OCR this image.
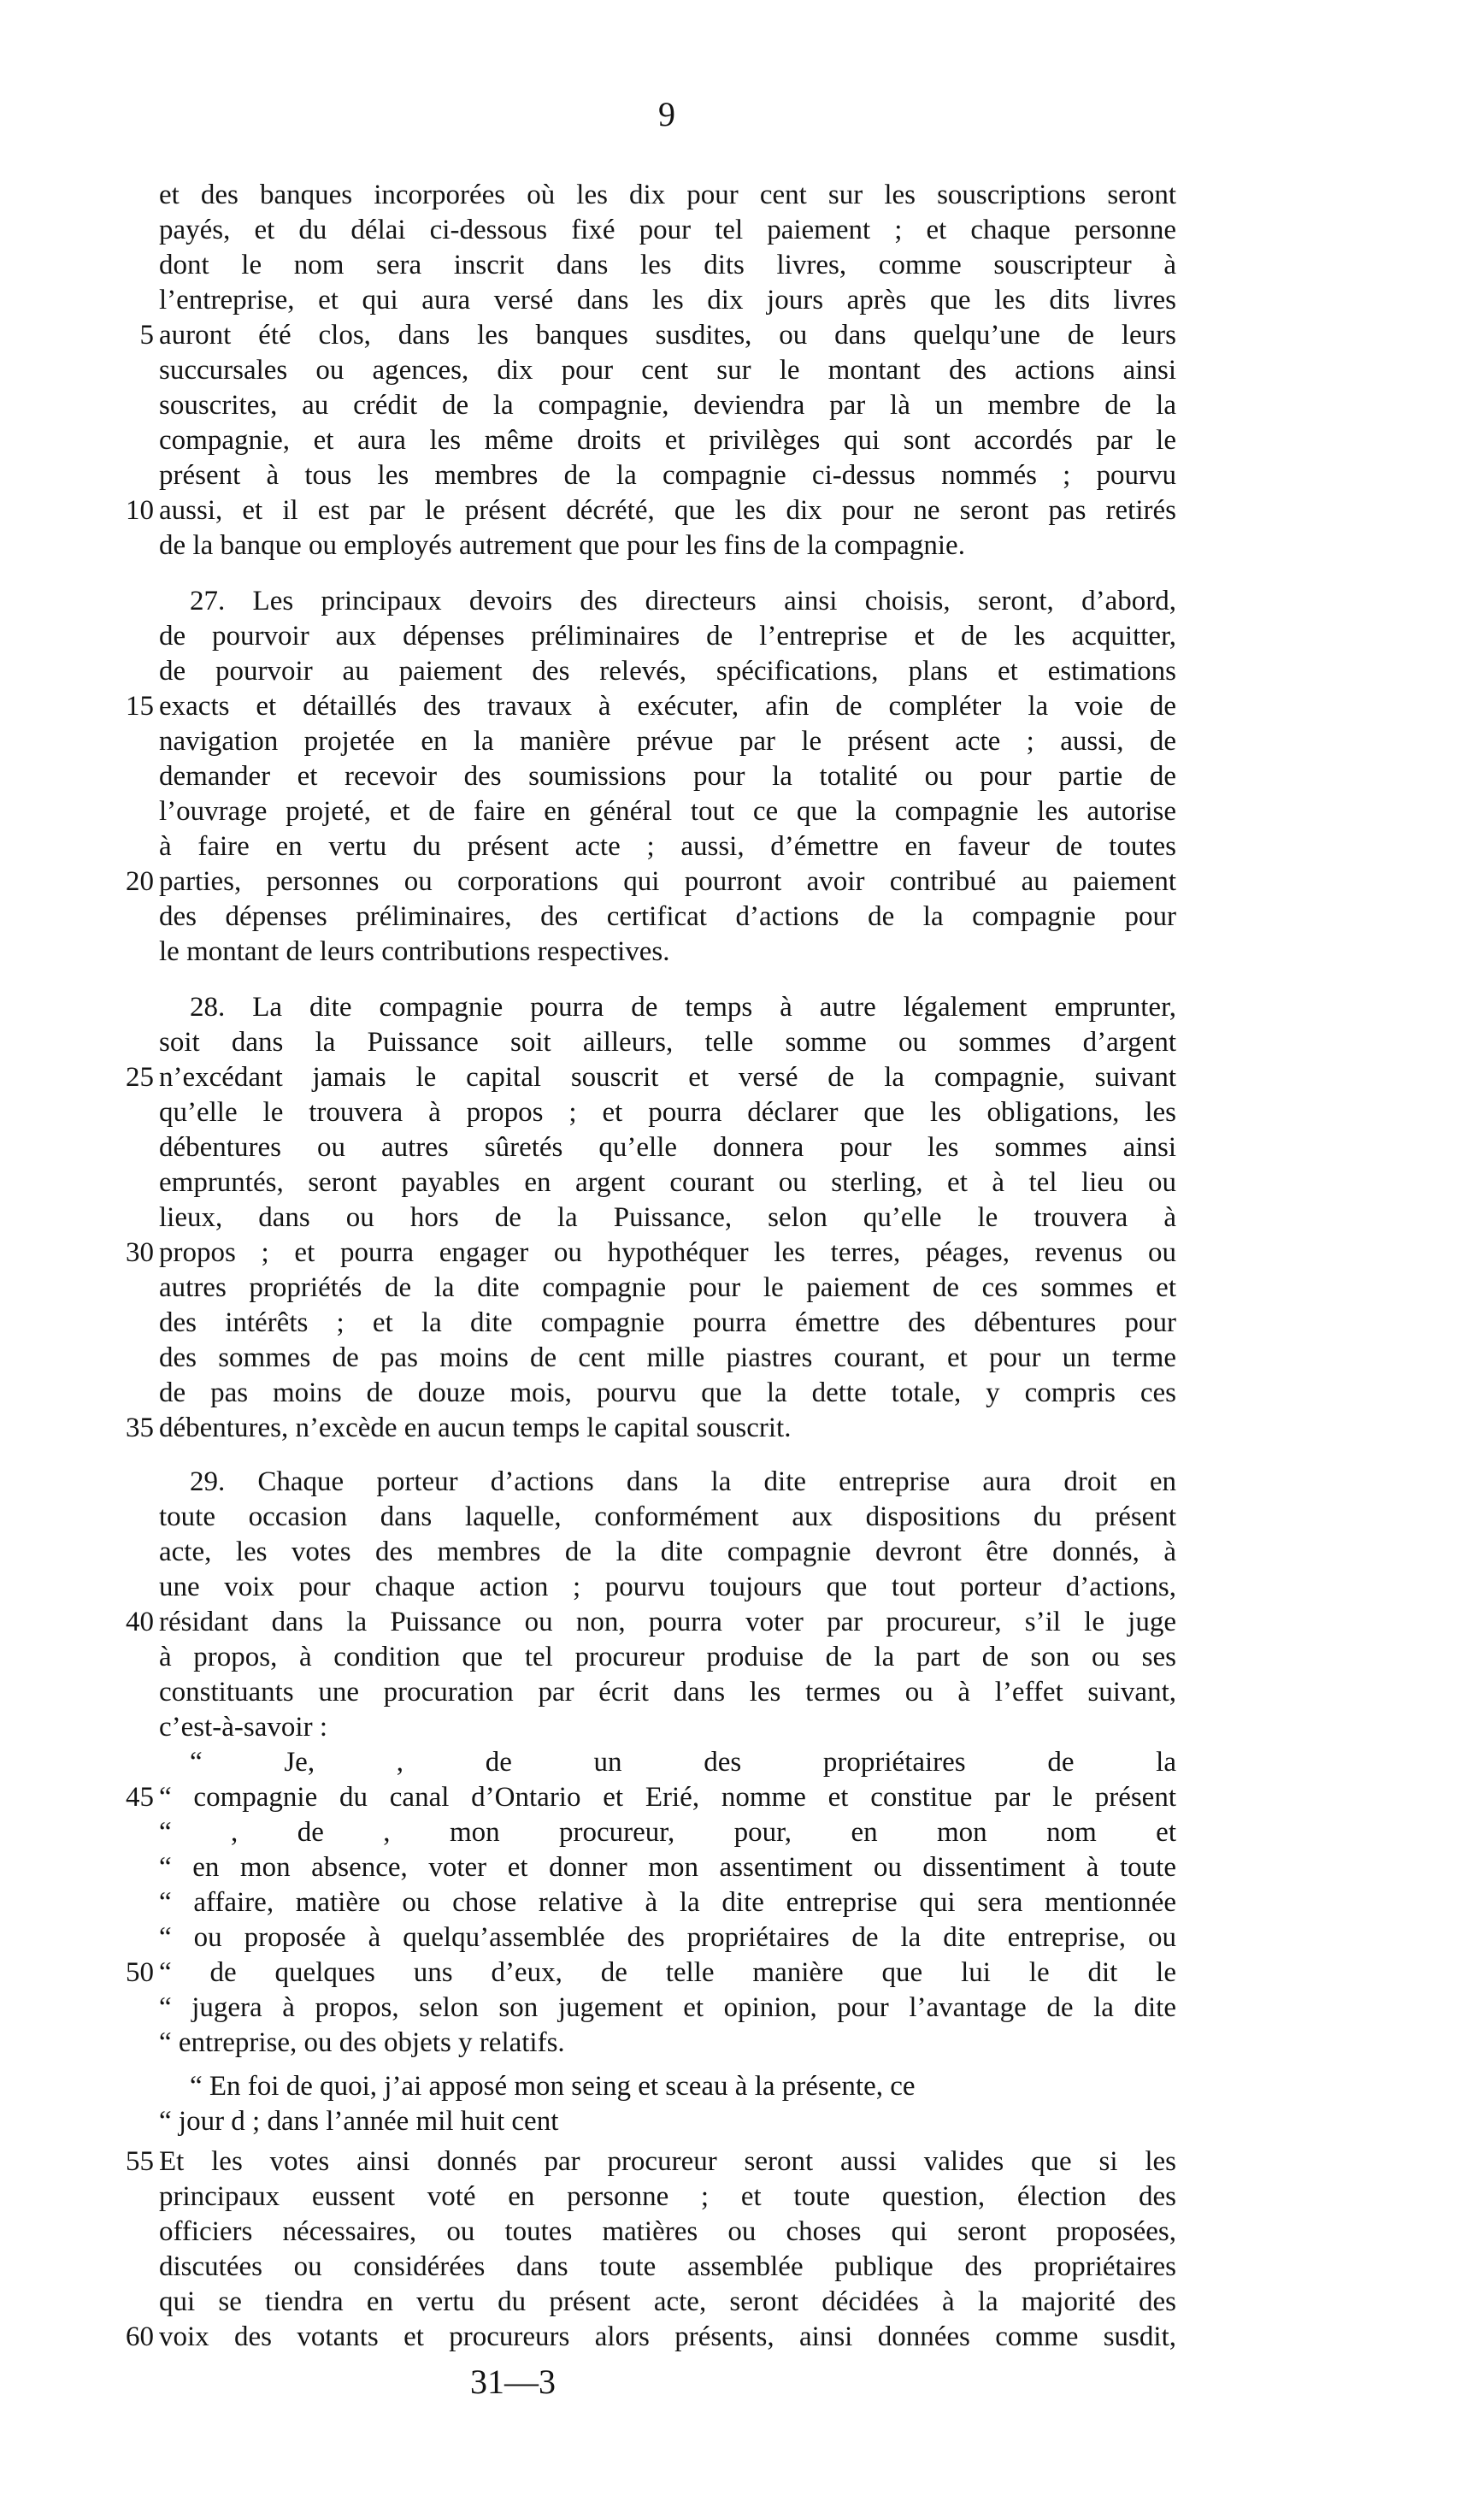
9
et des banques incorporées où les dix pour cent sur les souscriptions seront
payés, et du délai ci-dessous fixé pour tel paiement ; et chaque personne
dont le nom sera inscrit dans les dits livres, comme souscripteur à
l’entreprise, et qui aura versé dans les dix jours après que les dits livres
auront été clos, dans les banques susdites, ou dans quelqu’une de leurs
succursales ou agences, dix pour cent sur le montant des actions ainsi
souscrites, au crédit de la compagnie, deviendra par là un membre de la
compagnie, et aura les même droits et privilèges qui sont accordés par le
présent à tous les membres de la compagnie ci-dessus nommés ; pourvu
aussi, et il est par le présent décrété, que les dix pour ne seront pas retirés
de la banque ou employés autrement que pour les fins de la compagnie.
27. Les principaux devoirs des directeurs ainsi choisis, seront, d’abord,
de pourvoir aux dépenses préliminaires de l’entreprise et de les acquitter,
de pourvoir au paiement des relevés, spécifications, plans et estimations
exacts et détaillés des travaux à exécuter, afin de compléter la voie de
navigation projetée en la manière prévue par le présent acte ; aussi, de
demander et recevoir des soumissions pour la totalité ou pour partie de
l’ouvrage projeté, et de faire en général tout ce que la compagnie les autorise
à faire en vertu du présent acte ; aussi, d’émettre en faveur de toutes
parties, personnes ou corporations qui pourront avoir contribué au paiement
des dépenses préliminaires, des certificat d’actions de la compagnie pour
le montant de leurs contributions respectives.
28. La dite compagnie pourra de temps à autre légalement emprunter,
soit dans la Puissance soit ailleurs, telle somme ou sommes d’argent
n’excédant jamais le capital souscrit et versé de la compagnie, suivant
qu’elle le trouvera à propos ; et pourra déclarer que les obligations, les
débentures ou autres sûretés qu’elle donnera pour les sommes ainsi
empruntés, seront payables en argent courant ou sterling, et à tel lieu ou
lieux, dans ou hors de la Puissance, selon qu’elle le trouvera à
propos ; et pourra engager ou hypothéquer les terres, péages, revenus ou
autres propriétés de la dite compagnie pour le paiement de ces sommes et
des intérêts ; et la dite compagnie pourra émettre des débentures pour
des sommes de pas moins de cent mille piastres courant, et pour un terme
de pas moins de douze mois, pourvu que la dette totale, y compris ces
débentures, n’excède en aucun temps le capital souscrit.
29. Chaque porteur d’actions dans la dite entreprise aura droit en
toute occasion dans laquelle, conformément aux dispositions du présent
acte, les votes des membres de la dite compagnie devront être donnés, à
une voix pour chaque action ; pourvu toujours que tout porteur d’actions,
résidant dans la Puissance ou non, pourra voter par procureur, s’il le juge
à propos, à condition que tel procureur produise de la part de son ou ses
constituants une procuration par écrit dans les termes ou à l’effet suivant,
c’est-à-savoir :
“ Je, , de un des propriétaires de la
“ compagnie du canal d’Ontario et Erié, nomme et constitue par le présent
“ , de , mon procureur, pour, en mon nom et
“ en mon absence, voter et donner mon assentiment ou dissentiment à toute
“ affaire, matière ou chose relative à la dite entreprise qui sera mentionnée
“ ou proposée à quelqu’assemblée des propriétaires de la dite entreprise, ou
“ de quelques uns d’eux, de telle manière que lui le dit le
“ jugera à propos, selon son jugement et opinion, pour l’avantage de la dite
“ entreprise, ou des objets y relatifs.
“ En foi de quoi, j’ai apposé mon seing et sceau à la présente, ce
“ jour d ; dans l’année mil huit cent
Et les votes ainsi donnés par procureur seront aussi valides que si les
principaux eussent voté en personne ; et toute question, élection des
officiers nécessaires, ou toutes matières ou choses qui seront proposées,
discutées ou considérées dans toute assemblée publique des propriétaires
qui se tiendra en vertu du présent acte, seront décidées à la majorité des
voix des votants et procureurs alors présents, ainsi données comme susdit,
31—3
5
10
15
20
25
30
35
40
45
50
55
60
